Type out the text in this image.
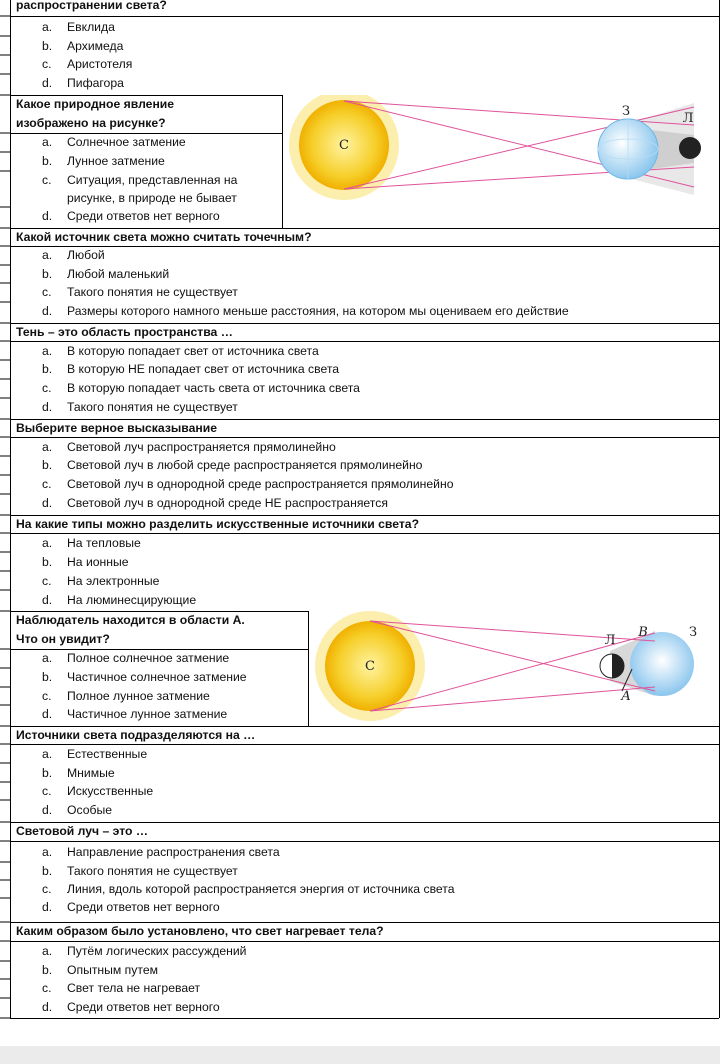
распространении света?
a.	Евклида
b.	Архимеда
c.	Аристотеля
d.	Пифагора
Какое природное явление
изображено на рисунке?
a.	Солнечное затмение
b.	Лунное затмение
c.	Ситуация, представленная на
рисунке, в природе не бывает
d.	Среди ответов нет верного
С
З	Л
Какой источник света можно считать точечным?
a.	Любой
b.	Любой маленький
c.	Такого понятия не существует
d.	Размеры которого намного меньше расстояния, на котором мы оцениваем его действие
Тень – это область пространства …
a.	В которую попадает свет от источника света
b.	В которую НЕ попадает свет от источника света
c.	В которую попадает часть света от источника света
d.	Такого понятия не существует
Выберите верное высказывание
a.	Световой луч распространяется прямолинейно
b.	Световой луч в любой среде распространяется прямолинейно
c.	Световой луч в однородной среде распространяется прямолинейно
d.	Световой луч в однородной среде НЕ распространяется
На какие типы можно разделить искусственные источники света?
a.	На тепловые
b.	На ионные
c.	На электронные
d.	На люминесцирующие
Наблюдатель находится в области А.
Что он увидит?
a.	Полное солнечное затмение
b.	Частичное солнечное затмение
c.	Полное лунное затмение
d.	Частичное лунное затмение
С
Л
В	З
А
Источники света подразделяются на …
a.	Естественные
b.	Мнимые
c.	Искусственные
d.	Особые
Световой луч – это …
a.	Направление распространения света
b.	Такого понятия не существует
c.	Линия, вдоль которой распространяется энергия от источника света
d.	Среди ответов нет верного
Каким образом было установлено, что свет нагревает тела?
a.	Путём логических рассуждений
b.	Опытным путем
c.	Свет тела не нагревает
d.	Среди ответов нет верного
